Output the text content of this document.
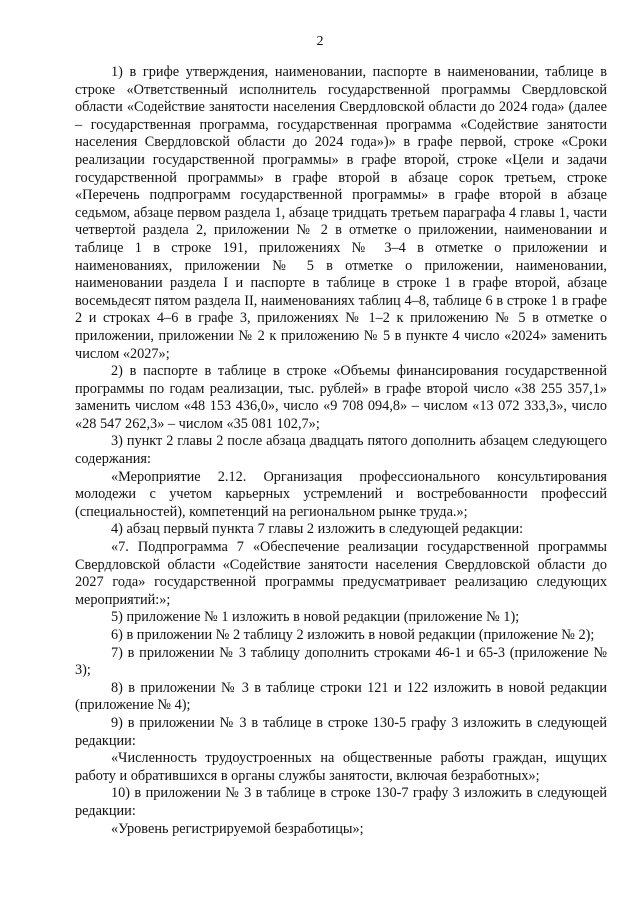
2

1) в грифе утверждения, наименовании, паспорте в наименовании, таблице в строке «Ответственный исполнитель государственной программы Свердловской области «Содействие занятости населения Свердловской области до 2024 года» (далее – государственная программа, государственная программа «Содействие занятости населения Свердловской области до 2024 года»)» в графе первой, строке «Сроки реализации государственной программы» в графе второй, строке «Цели и задачи государственной программы» в графе второй в абзаце сорок третьем, строке «Перечень подпрограмм государственной программы» в графе второй в абзаце седьмом, абзаце первом раздела 1, абзаце тридцать третьем параграфа 4 главы 1, части четвертой раздела 2, приложении № 2 в отметке о приложении, наименовании и таблице 1 в строке 191, приложениях № 3–4 в отметке о приложении и наименованиях, приложении № 5 в отметке о приложении, наименовании, наименовании раздела I и паспорте в таблице в строке 1 в графе второй, абзаце восемьдесят пятом раздела II, наименованиях таблиц 4–8, таблице 6 в строке 1 в графе 2 и строках 4–6 в графе 3, приложениях № 1–2 к приложению № 5 в отметке о приложении, приложении № 2 к приложению № 5 в пункте 4 число «2024» заменить числом «2027»;

2) в паспорте в таблице в строке «Объемы финансирования государственной программы по годам реализации, тыс. рублей» в графе второй число «38 255 357,1» заменить числом «48 153 436,0», число «9 708 094,8» – числом «13 072 333,3», число «28 547 262,3» – числом «35 081 102,7»;

3) пункт 2 главы 2 после абзаца двадцать пятого дополнить абзацем следующего содержания:

«Мероприятие 2.12. Организация профессионального консультирования молодежи с учетом карьерных устремлений и востребованности профессий (специальностей), компетенций на региональном рынке труда.»;

4) абзац первый пункта 7 главы 2 изложить в следующей редакции:

«7. Подпрограмма 7 «Обеспечение реализации государственной программы Свердловской области «Содействие занятости населения Свердловской области до 2027 года» государственной программы предусматривает реализацию следующих мероприятий:»;

5) приложение № 1 изложить в новой редакции (приложение № 1);

6) в приложении № 2 таблицу 2 изложить в новой редакции (приложение № 2);

7) в приложении № 3 таблицу дополнить строками 46-1 и 65-3 (приложение № 3);

8) в приложении № 3 в таблице строки 121 и 122 изложить в новой редакции (приложение № 4);

9) в приложении № 3 в таблице в строке 130-5 графу 3 изложить в следующей редакции:

«Численность трудоустроенных на общественные работы граждан, ищущих работу и обратившихся в органы службы занятости, включая безработных»;

10) в приложении № 3 в таблице в строке 130-7 графу 3 изложить в следующей редакции:

«Уровень регистрируемой безработицы»;
